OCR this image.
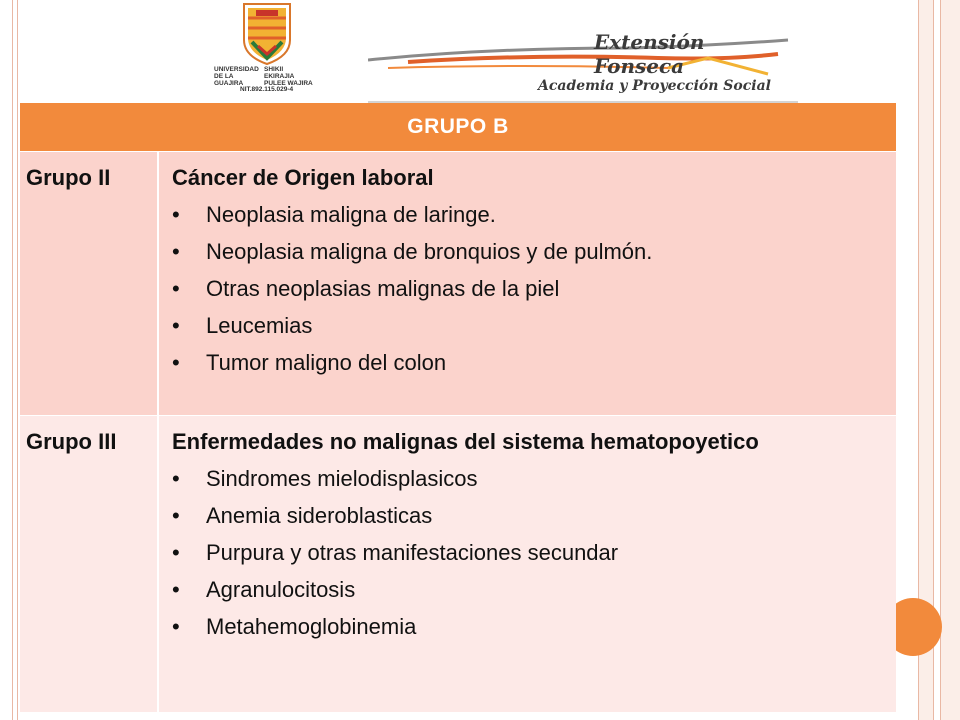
UNIVERSIDAD DE LA GUAJIRA
SHIKII EKIRAJIA PULEE WAJIRA
NIT.892.115.029-4
Extensión Fonseca
Academia y Proyección Social
GRUPO B
Grupo II	Cáncer de Origen laboral
•	Neoplasia maligna de laringe.
•	Neoplasia maligna de bronquios y de pulmón.
•	Otras neoplasias malignas de la piel
•	Leucemias
•	Tumor maligno del colon
Grupo III	Enfermedades no malignas del sistema hematopoyetico
•	Sindromes mielodisplasicos
•	Anemia sideroblasticas
•	Purpura y otras manifestaciones secundar
•	Agranulocitosis
•	Metahemoglobinemia
